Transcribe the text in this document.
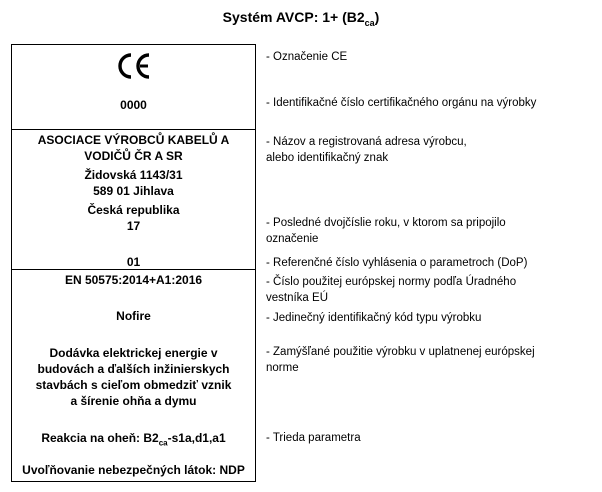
Systém AVCP: $1+ (B2_{ca})$
0000
ASOCIACE VÝROBCŮ KABELŮ A
VODIČŮ ČR A SR
Židovská 1143/31
589 01 Jihlava
Česká republika
17
01
EN 50575:2014+A1:2016
Nofire
Dodávka elektrickej energie v
budovách a ďalších inžinierskych
stavbách s cieľom obmedziť vznik
a šírenie ohňa a dymu
Reakcia na oheň: $B2_{ca}-s1a,d1,a1$
Uvoľňovanie nebezpečných látok: NDP
- Označenie CE
- Identifikačné číslo certifikačného orgánu na výrobky
- Názov a registrovaná adresa výrobcu,
alebo identifikačný znak
- Posledné dvojčíslie roku, v ktorom sa pripojilo
označenie
- Referenčné číslo vyhlásenia o parametroch (DoP)
- Číslo použitej európskej normy podľa Úradného
vestníka EÚ
- Jedinečný identifikačný kód typu výrobku
- Zamýšľané použitie výrobku v uplatnenej európskej
norme
- Trieda parametra
